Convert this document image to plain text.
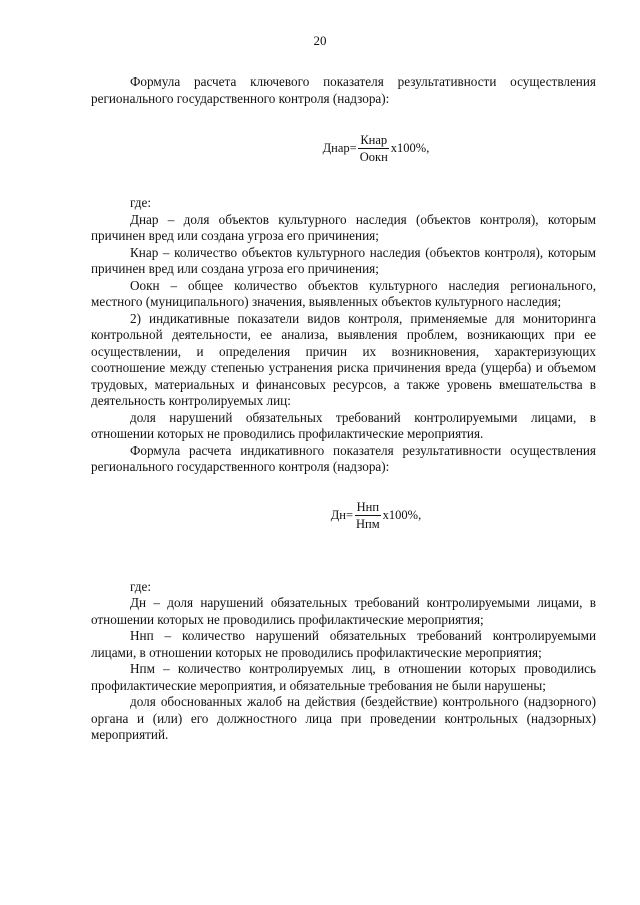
20

Формула расчета ключевого показателя результативности осуществления регионального государственного контроля (надзора):

Днар= $\frac{\text{Кнар}}{\text{Оокн}} x100\%$ ,

где:

Днар – доля объектов культурного наследия (объектов контроля), которым причинен вред или создана угроза его причинения;

Кнар – количество объектов культурного наследия (объектов контроля), которым причинен вред или создана угроза его причинения;

Оокн – общее количество объектов культурного наследия регионального, местного (муниципального) значения, выявленных объектов культурного наследия;

2) индикативные показатели видов контроля, применяемые для мониторинга контрольной деятельности, ее анализа, выявления проблем, возникающих при ее осуществлении, и определения причин их возникновения, характеризующих соотношение между степенью устранения риска причинения вреда (ущерба) и объемом трудовых, материальных и финансовых ресурсов, а также уровень вмешательства в деятельность контролируемых лиц:

доля нарушений обязательных требований контролируемыми лицами, в отношении которых не проводились профилактические мероприятия.

Формула расчета индикативного показателя результативности осуществления регионального государственного контроля (надзора):

$Дн= \frac{\text{Ннп}}{\text{Нпм}} x100\%$ ,

где:

Дн – доля нарушений обязательных требований контролируемыми лицами, в отношении которых не проводились профилактические мероприятия;

Ннп – количество нарушений обязательных требований контролируемыми лицами, в отношении которых не проводились профилактические мероприятия;

Нпм – количество контролируемых лиц, в отношении которых проводились профилактические мероприятия, и обязательные требования не были нарушены;

доля обоснованных жалоб на действия (бездействие) контрольного (надзорного) органа и (или) его должностного лица при проведении контрольных (надзорных) мероприятий.
